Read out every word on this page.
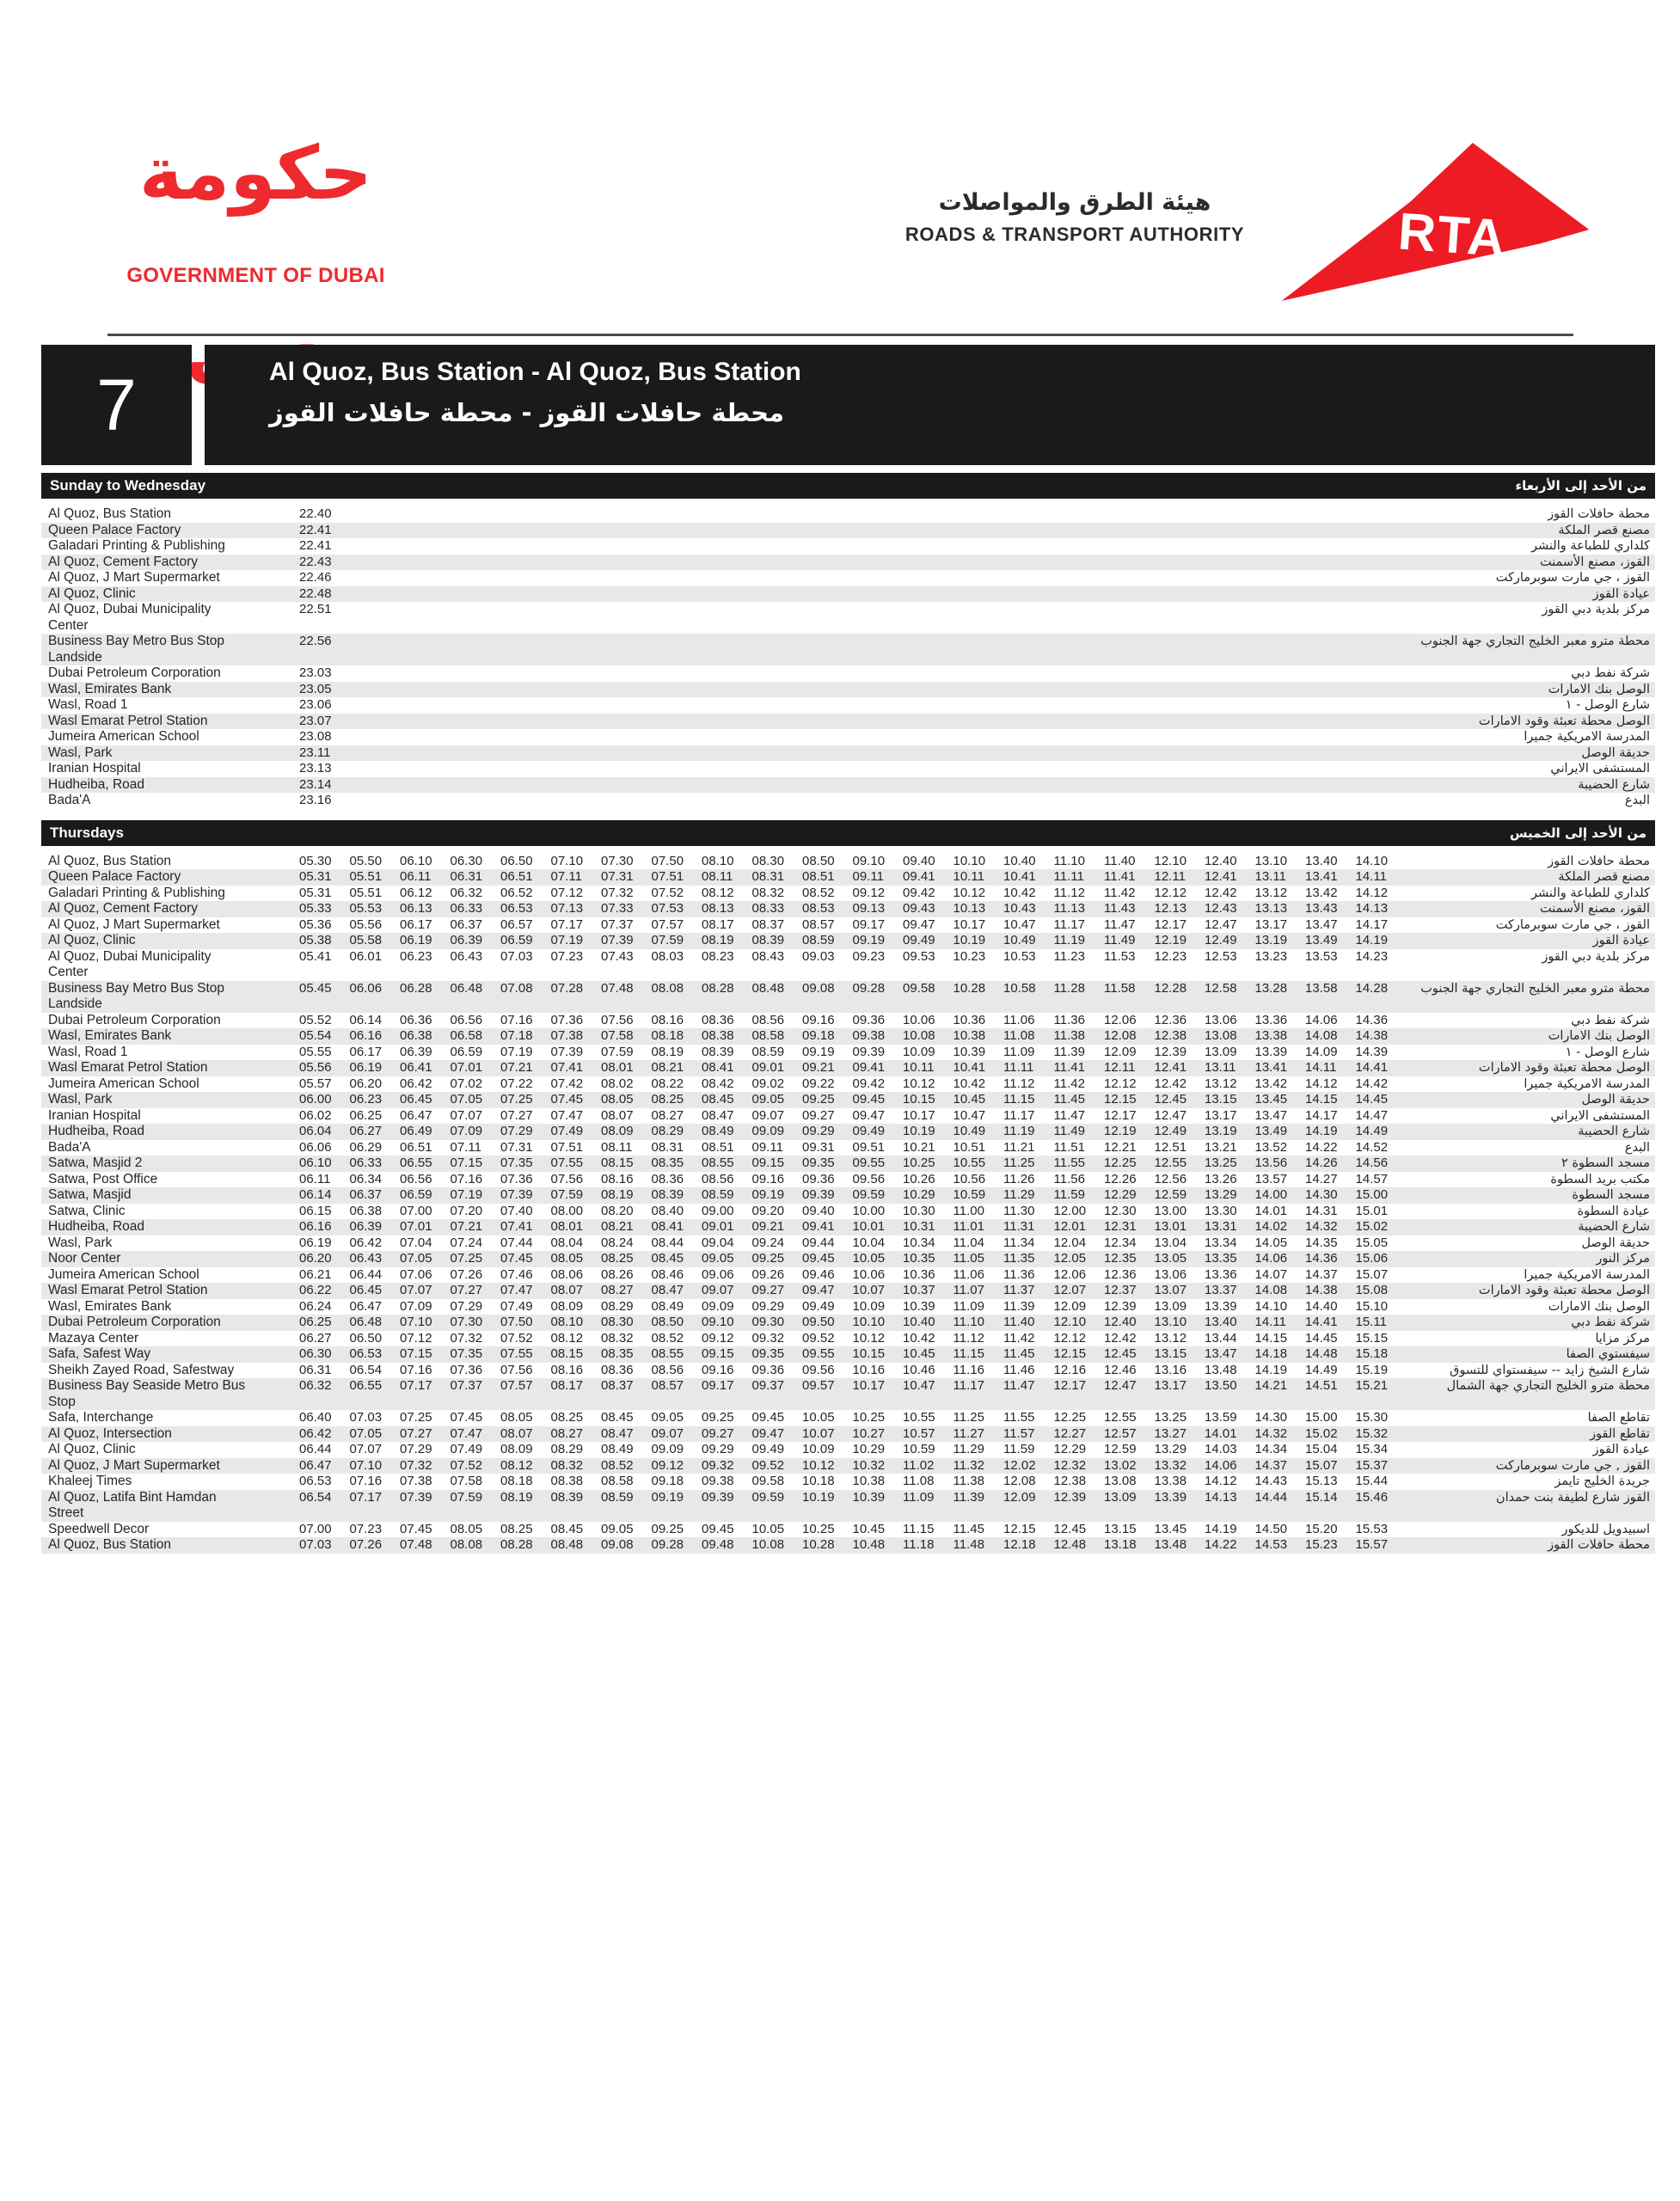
حكومة
GOVERNMENT OF DUBAI
هيئة الطرق والمواصلات
ROADS & TRANSPORT AUTHORITY	RTA
7	Al Quoz, Bus Station - Al Quoz, Bus Station
محطة حافلات القوز - محطة حافلات القوز
Sunday to Wednesday	من الأحد إلى الأربعاء
Al Quoz, Bus Station	22.40	محطة حافلات القوز
Queen Palace Factory	22.41	مصنع قصر الملكة
Galadari Printing & Publishing	22.41	كلداري للطباعة والنشر
Al Quoz, Cement Factory	22.43	القوز، مصنع الأسمنت
Al Quoz, J Mart Supermarket	22.46	القوز ، جي مارت سوبرماركت
Al Quoz, Clinic	22.48	عيادة القوز
Al Quoz, Dubai Municipality Center
22.51	مركز بلدية دبي القوز
Business Bay Metro Bus Stop Landside
22.56	محطة مترو معبر الخليج التجاري جهة الجنوب
Dubai Petroleum Corporation	23.03	شركة نفط دبي
Wasl, Emirates Bank	23.05	الوصل بنك الامارات
Wasl, Road 1	23.06	شارع الوصل - ١
Wasl Emarat Petrol Station	23.07	الوصل محطة تعبئة وقود الامارات
Jumeira American School	23.08	المدرسة الامريكية جميرا
Wasl, Park	23.11	حديقة الوصل
Iranian Hospital	23.13	المستشفى الايراني
Hudheiba, Road	23.14	شارع الحضيبة
Bada'A	23.16	البدع
Thursdays	من الأحد إلى الخميس
Al Quoz, Bus Station	05.30	05.50	06.10	06.30	06.50	07.10	07.30	07.50	08.10	08.30	08.50	09.10	09.40	10.10	10.40	11.10	11.40	12.10	12.40	13.10	13.40	14.10	محطة حافلات القوز
Queen Palace Factory	05.31	05.51	06.11	06.31	06.51	07.11	07.31	07.51	08.11	08.31	08.51	09.11	09.41	10.11	10.41	11.11	11.41	12.11	12.41	13.11	13.41	14.11	مصنع قصر الملكة
Galadari Printing & Publishing	05.31	05.51	06.12	06.32	06.52	07.12	07.32	07.52	08.12	08.32	08.52	09.12	09.42	10.12	10.42	11.12	11.42	12.12	12.42	13.12	13.42	14.12	كلداري للطباعة والنشر
Al Quoz, Cement Factory	05.33	05.53	06.13	06.33	06.53	07.13	07.33	07.53	08.13	08.33	08.53	09.13	09.43	10.13	10.43	11.13	11.43	12.13	12.43	13.13	13.43	14.13	القوز، مصنع الأسمنت
Al Quoz, J Mart Supermarket	05.36	05.56	06.17	06.37	06.57	07.17	07.37	07.57	08.17	08.37	08.57	09.17	09.47	10.17	10.47	11.17	11.47	12.17	12.47	13.17	13.47	14.17	القوز ، جي مارت سوبرماركت
Al Quoz, Clinic	05.38	05.58	06.19	06.39	06.59	07.19	07.39	07.59	08.19	08.39	08.59	09.19	09.49	10.19	10.49	11.19	11.49	12.19	12.49	13.19	13.49	14.19	عيادة القوز
Al Quoz, Dubai Municipality Center
05.41	06.01	06.23	06.43	07.03	07.23	07.43	08.03	08.23	08.43	09.03	09.23	09.53	10.23	10.53	11.23	11.53	12.23	12.53	13.23	13.53	14.23	مركز بلدية دبي القوز
Business Bay Metro Bus Stop Landside
05.45	06.06	06.28	06.48	07.08	07.28	07.48	08.08	08.28	08.48	09.08	09.28	09.58	10.28	10.58	11.28	11.58	12.28	12.58	13.28	13.58	14.28	محطة مترو معبر الخليج التجاري جهة الجنوب
Dubai Petroleum Corporation	05.52	06.14	06.36	06.56	07.16	07.36	07.56	08.16	08.36	08.56	09.16	09.36	10.06	10.36	11.06	11.36	12.06	12.36	13.06	13.36	14.06	14.36	شركة نفط دبي
Wasl, Emirates Bank	05.54	06.16	06.38	06.58	07.18	07.38	07.58	08.18	08.38	08.58	09.18	09.38	10.08	10.38	11.08	11.38	12.08	12.38	13.08	13.38	14.08	14.38	الوصل بنك الامارات
Wasl, Road 1	05.55	06.17	06.39	06.59	07.19	07.39	07.59	08.19	08.39	08.59	09.19	09.39	10.09	10.39	11.09	11.39	12.09	12.39	13.09	13.39	14.09	14.39	شارع الوصل - ١
Wasl Emarat Petrol Station	05.56	06.19	06.41	07.01	07.21	07.41	08.01	08.21	08.41	09.01	09.21	09.41	10.11	10.41	11.11	11.41	12.11	12.41	13.11	13.41	14.11	14.41	الوصل محطة تعبئة وقود الامارات
Jumeira American School	05.57	06.20	06.42	07.02	07.22	07.42	08.02	08.22	08.42	09.02	09.22	09.42	10.12	10.42	11.12	11.42	12.12	12.42	13.12	13.42	14.12	14.42	المدرسة الامريكية جميرا
Wasl, Park	06.00	06.23	06.45	07.05	07.25	07.45	08.05	08.25	08.45	09.05	09.25	09.45	10.15	10.45	11.15	11.45	12.15	12.45	13.15	13.45	14.15	14.45	حديقة الوصل
Iranian Hospital	06.02	06.25	06.47	07.07	07.27	07.47	08.07	08.27	08.47	09.07	09.27	09.47	10.17	10.47	11.17	11.47	12.17	12.47	13.17	13.47	14.17	14.47	المستشفى الايراني
Hudheiba, Road	06.04	06.27	06.49	07.09	07.29	07.49	08.09	08.29	08.49	09.09	09.29	09.49	10.19	10.49	11.19	11.49	12.19	12.49	13.19	13.49	14.19	14.49	شارع الحضيبة
Bada'A	06.06	06.29	06.51	07.11	07.31	07.51	08.11	08.31	08.51	09.11	09.31	09.51	10.21	10.51	11.21	11.51	12.21	12.51	13.21	13.52	14.22	14.52	البدع
Satwa, Masjid 2	06.10	06.33	06.55	07.15	07.35	07.55	08.15	08.35	08.55	09.15	09.35	09.55	10.25	10.55	11.25	11.55	12.25	12.55	13.25	13.56	14.26	14.56	مسجد السطوة ٢
Satwa, Post Office	06.11	06.34	06.56	07.16	07.36	07.56	08.16	08.36	08.56	09.16	09.36	09.56	10.26	10.56	11.26	11.56	12.26	12.56	13.26	13.57	14.27	14.57	مكتب بريد السطوة
Satwa, Masjid	06.14	06.37	06.59	07.19	07.39	07.59	08.19	08.39	08.59	09.19	09.39	09.59	10.29	10.59	11.29	11.59	12.29	12.59	13.29	14.00	14.30	15.00	مسجد السطوة
Satwa, Clinic	06.15	06.38	07.00	07.20	07.40	08.00	08.20	08.40	09.00	09.20	09.40	10.00	10.30	11.00	11.30	12.00	12.30	13.00	13.30	14.01	14.31	15.01	عيادة السطوة
Hudheiba, Road	06.16	06.39	07.01	07.21	07.41	08.01	08.21	08.41	09.01	09.21	09.41	10.01	10.31	11.01	11.31	12.01	12.31	13.01	13.31	14.02	14.32	15.02	شارع الحضيبة
Wasl, Park	06.19	06.42	07.04	07.24	07.44	08.04	08.24	08.44	09.04	09.24	09.44	10.04	10.34	11.04	11.34	12.04	12.34	13.04	13.34	14.05	14.35	15.05	حديقة الوصل
Noor Center	06.20	06.43	07.05	07.25	07.45	08.05	08.25	08.45	09.05	09.25	09.45	10.05	10.35	11.05	11.35	12.05	12.35	13.05	13.35	14.06	14.36	15.06	مركز النور
Jumeira American School	06.21	06.44	07.06	07.26	07.46	08.06	08.26	08.46	09.06	09.26	09.46	10.06	10.36	11.06	11.36	12.06	12.36	13.06	13.36	14.07	14.37	15.07	المدرسة الامريكية جميرا
Wasl Emarat Petrol Station	06.22	06.45	07.07	07.27	07.47	08.07	08.27	08.47	09.07	09.27	09.47	10.07	10.37	11.07	11.37	12.07	12.37	13.07	13.37	14.08	14.38	15.08	الوصل محطة تعبئة وقود الامارات
Wasl, Emirates Bank	06.24	06.47	07.09	07.29	07.49	08.09	08.29	08.49	09.09	09.29	09.49	10.09	10.39	11.09	11.39	12.09	12.39	13.09	13.39	14.10	14.40	15.10	الوصل بنك الامارات
Dubai Petroleum Corporation	06.25	06.48	07.10	07.30	07.50	08.10	08.30	08.50	09.10	09.30	09.50	10.10	10.40	11.10	11.40	12.10	12.40	13.10	13.40	14.11	14.41	15.11	شركة نفط دبي
Mazaya Center	06.27	06.50	07.12	07.32	07.52	08.12	08.32	08.52	09.12	09.32	09.52	10.12	10.42	11.12	11.42	12.12	12.42	13.12	13.44	14.15	14.45	15.15	مركز مزايا
Safa, Safest Way	06.30	06.53	07.15	07.35	07.55	08.15	08.35	08.55	09.15	09.35	09.55	10.15	10.45	11.15	11.45	12.15	12.45	13.15	13.47	14.18	14.48	15.18	سيفستوي الصفا
Sheikh Zayed Road, Safestway	06.31	06.54	07.16	07.36	07.56	08.16	08.36	08.56	09.16	09.36	09.56	10.16	10.46	11.16	11.46	12.16	12.46	13.16	13.48	14.19	14.49	15.19	شارع الشيخ زايد -- سيفستواي للتسوق
Business Bay Seaside Metro Bus Stop
06.32	06.55	07.17	07.37	07.57	08.17	08.37	08.57	09.17	09.37	09.57	10.17	10.47	11.17	11.47	12.17	12.47	13.17	13.50	14.21	14.51	15.21	محطة مترو الخليج التجاري جهة الشمال
Safa, Interchange	06.40	07.03	07.25	07.45	08.05	08.25	08.45	09.05	09.25	09.45	10.05	10.25	10.55	11.25	11.55	12.25	12.55	13.25	13.59	14.30	15.00	15.30	تقاطع الصفا
Al Quoz, Intersection	06.42	07.05	07.27	07.47	08.07	08.27	08.47	09.07	09.27	09.47	10.07	10.27	10.57	11.27	11.57	12.27	12.57	13.27	14.01	14.32	15.02	15.32	تقاطع القوز
Al Quoz, Clinic	06.44	07.07	07.29	07.49	08.09	08.29	08.49	09.09	09.29	09.49	10.09	10.29	10.59	11.29	11.59	12.29	12.59	13.29	14.03	14.34	15.04	15.34	عيادة القوز
Al Quoz, J Mart Supermarket	06.47	07.10	07.32	07.52	08.12	08.32	08.52	09.12	09.32	09.52	10.12	10.32	11.02	11.32	12.02	12.32	13.02	13.32	14.06	14.37	15.07	15.37	القوز , جي مارت سوبرماركت
Khaleej Times	06.53	07.16	07.38	07.58	08.18	08.38	08.58	09.18	09.38	09.58	10.18	10.38	11.08	11.38	12.08	12.38	13.08	13.38	14.12	14.43	15.13	15.44	جريدة الخليج تايمز
Al Quoz, Latifa Bint Hamdan Street
06.54	07.17	07.39	07.59	08.19	08.39	08.59	09.19	09.39	09.59	10.19	10.39	11.09	11.39	12.09	12.39	13.09	13.39	14.13	14.44	15.14	15.46	القوز شارع لطيفة بنت حمدان
Speedwell Decor	07.00	07.23	07.45	08.05	08.25	08.45	09.05	09.25	09.45	10.05	10.25	10.45	11.15	11.45	12.15	12.45	13.15	13.45	14.19	14.50	15.20	15.53	اسبيدويل للديكور
Al Quoz, Bus Station	07.03	07.26	07.48	08.08	08.28	08.48	09.08	09.28	09.48	10.08	10.28	10.48	11.18	11.48	12.18	12.48	13.18	13.48	14.22	14.53	15.23	15.57	محطة حافلات القوز
